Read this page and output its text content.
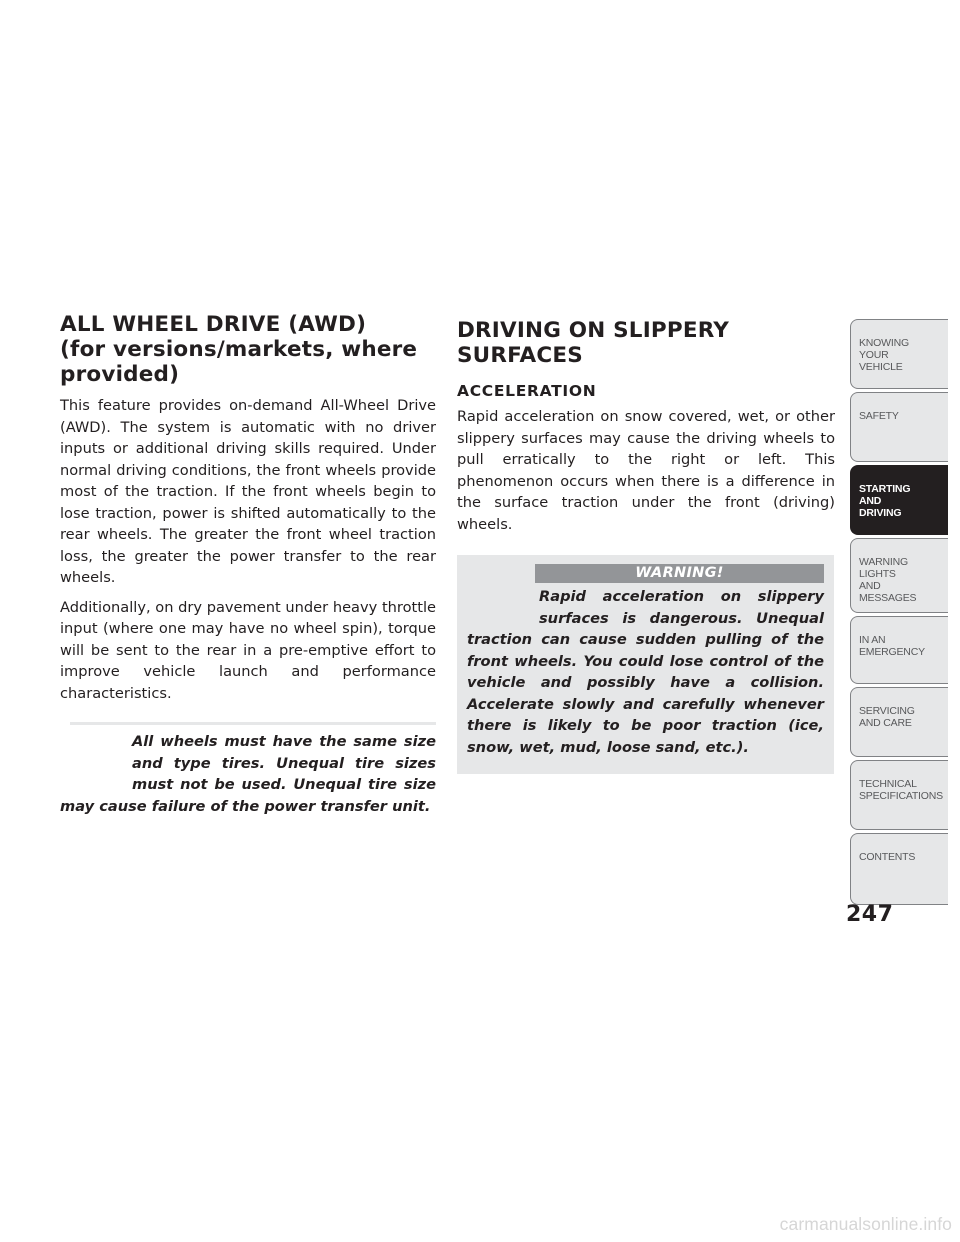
ALL WHEEL DRIVE (AWD)
(for versions/markets, where
provided)

This feature provides on-demand All-Wheel Drive (AWD). The system is automatic with no driver inputs or additional driving skills required. Under normal driving conditions, the front wheels provide most of the traction. If the front wheels begin to lose traction, power is shifted automatically to the rear wheels. The greater the front wheel traction loss, the greater the power transfer to the rear wheels.

Additionally, on dry pavement under heavy throttle input (where one may have no wheel spin), torque will be sent to the rear in a pre-emptive effort to improve vehicle launch and performance characteristics.

All wheels must have the same size and type tires. Unequal tire sizes must not be used. Unequal tire size may cause failure of the power transfer unit.

DRIVING ON SLIPPERY SURFACES
ACCELERATION

Rapid acceleration on snow covered, wet, or other slippery surfaces may cause the driving wheels to pull erratically to the right or left. This phenomenon occurs when there is a difference in the surface traction under the front (driving) wheels.

WARNING!

Rapid acceleration on slippery surfaces is dangerous. Unequal traction can cause sudden pulling of the front wheels. You could lose control of the vehicle and possibly have a collision. Accelerate slowly and carefully whenever there is likely to be poor traction (ice, snow, wet, mud, loose sand, etc.).

KNOWING
YOUR
VEHICLE
SAFETY
STARTING
AND
DRIVING
WARNING
LIGHTS
AND
MESSAGES
IN AN
EMERGENCY
SERVICING
AND CARE
TECHNICAL
SPECIFICATIONS
CONTENTS
247
carmanualsonline.info
